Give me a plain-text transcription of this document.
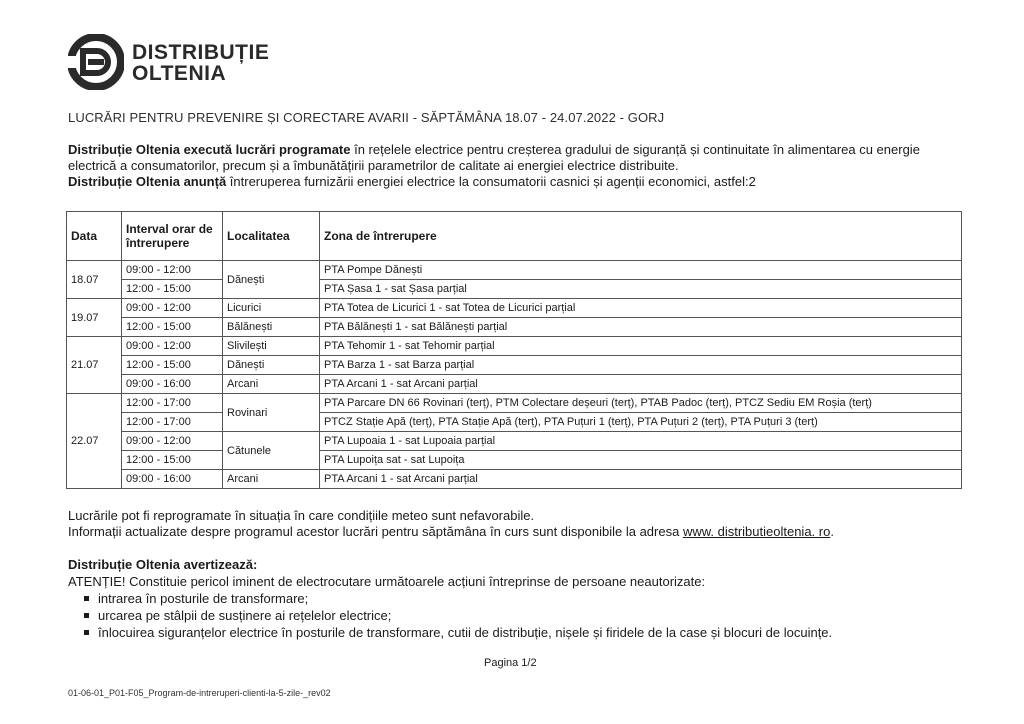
DISTRIBUȚIE
OLTENIA
LUCRĂRI PENTRU PREVENIRE ȘI CORECTARE AVARII - SĂPTĂMÂNA 18.07 - 24.07.2022 - GORJ

Distribuție Oltenia execută lucrări programate în rețelele electrice pentru creșterea gradului de siguranță și continuitate în alimentarea cu energie electrică a consumatorilor, precum și a îmbunătățirii parametrilor de calitate ai energiei electrice distribuite.

Distribuție Oltenia anunță întreruperea furnizării energiei electrice la consumatorii casnici și agenții economici, astfel:2

Data	Interval orar de întrerupere	Localitatea	Zona de întrerupere
18.07	09:00 - 12:00	Dănești	PTA Pompe Dănești
	12:00 - 15:00		PTA Șasa 1 - sat Șasa parțial
19.07	09:00 - 12:00	Licurici	PTA Totea de Licurici 1 - sat Totea de Licurici parțial
	12:00 - 15:00	Bălănești	PTA Bălănești 1 - sat Bălănești parțial
21.07	09:00 - 12:00	Slivilești	PTA Tehomir 1 - sat Tehomir parțial
	12:00 - 15:00	Dănești	PTA Barza 1 - sat Barza parțial
	09:00 - 16:00	Arcani	PTA Arcani 1 - sat Arcani parțial
22.07	12:00 - 17:00	Rovinari	PTA Parcare DN 66 Rovinari (terț), PTM Colectare deșeuri (terț), PTAB Padoc (terț), PTCZ Sediu EM Roșia (terț)
	12:00 - 17:00		PTCZ Stație Apă (terț), PTA Stație Apă (terț), PTA Puțuri 1 (terț), PTA Puțuri 2 (terț), PTA Puțuri 3 (terț)
	09:00 - 12:00	Cătunele	PTA Lupoaia 1 - sat Lupoaia parțial
	12:00 - 15:00		PTA Lupoița sat - sat Lupoița
	09:00 - 16:00	Arcani	PTA Arcani 1 - sat Arcani parțial

Lucrările pot fi reprogramate în situația în care condițiile meteo sunt nefavorabile.

Informații actualizate despre programul acestor lucrări pentru săptămâna în curs sunt disponibile la adresa www. distributieoltenia. ro.

Distribuție Oltenia avertizează:

ATENȚIE! Constituie pericol iminent de electrocutare următoarele acțiuni întreprinse de persoane neautorizate:

intrarea în posturile de transformare;
urcarea pe stâlpii de susținere ai rețelelor electrice;
înlocuirea siguranțelor electrice în posturile de transformare, cutii de distribuție, nișele și firidele de la case și blocuri de locuințe.
Pagina 1/2
01-06-01_P01-F05_Program-de-intreruperi-clienti-la-5-zile-_rev02
